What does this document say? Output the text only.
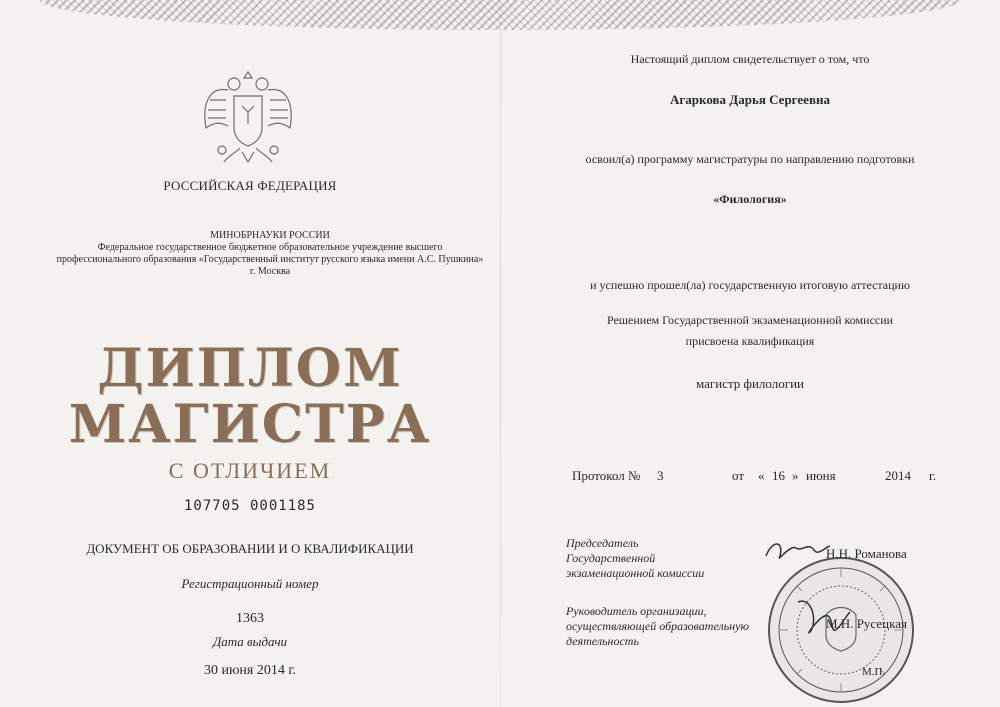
РОССИЙСКАЯ ФЕДЕРАЦИЯ
МИНОБРНАУКИ РОССИИ
Федеральное государственное бюджетное образовательное учреждение высшего
профессионального образования «Государственный институт русского языка имени А.С. Пушкина»
г. Москва
ДИПЛОМ
МАГИСТРА
С ОТЛИЧИЕМ
107705 0001185
ДОКУМЕНТ ОБ ОБРАЗОВАНИИ И О КВАЛИФИКАЦИИ
Регистрационный номер
1363
Дата выдачи
30 июня 2014 г.
Настоящий диплом свидетельствует о том, что
Агаркова Дарья Сергеевна
освоил(а) программу магистратуры по направлению подготовки
«Филология»
и успешно прошел(ла) государственную итоговую аттестацию
Решением Государственной экзаменационной комиссии
присвоена квалификация
магистр филологии
Протокол № 3	от « 16 » июня	2014 г.
Председатель
Государственной
экзаменационной комиссии
Руководитель организации,
осуществляющей образовательную
деятельность
Н.Н. Романова
М.Н. Русецкая
М.П.
